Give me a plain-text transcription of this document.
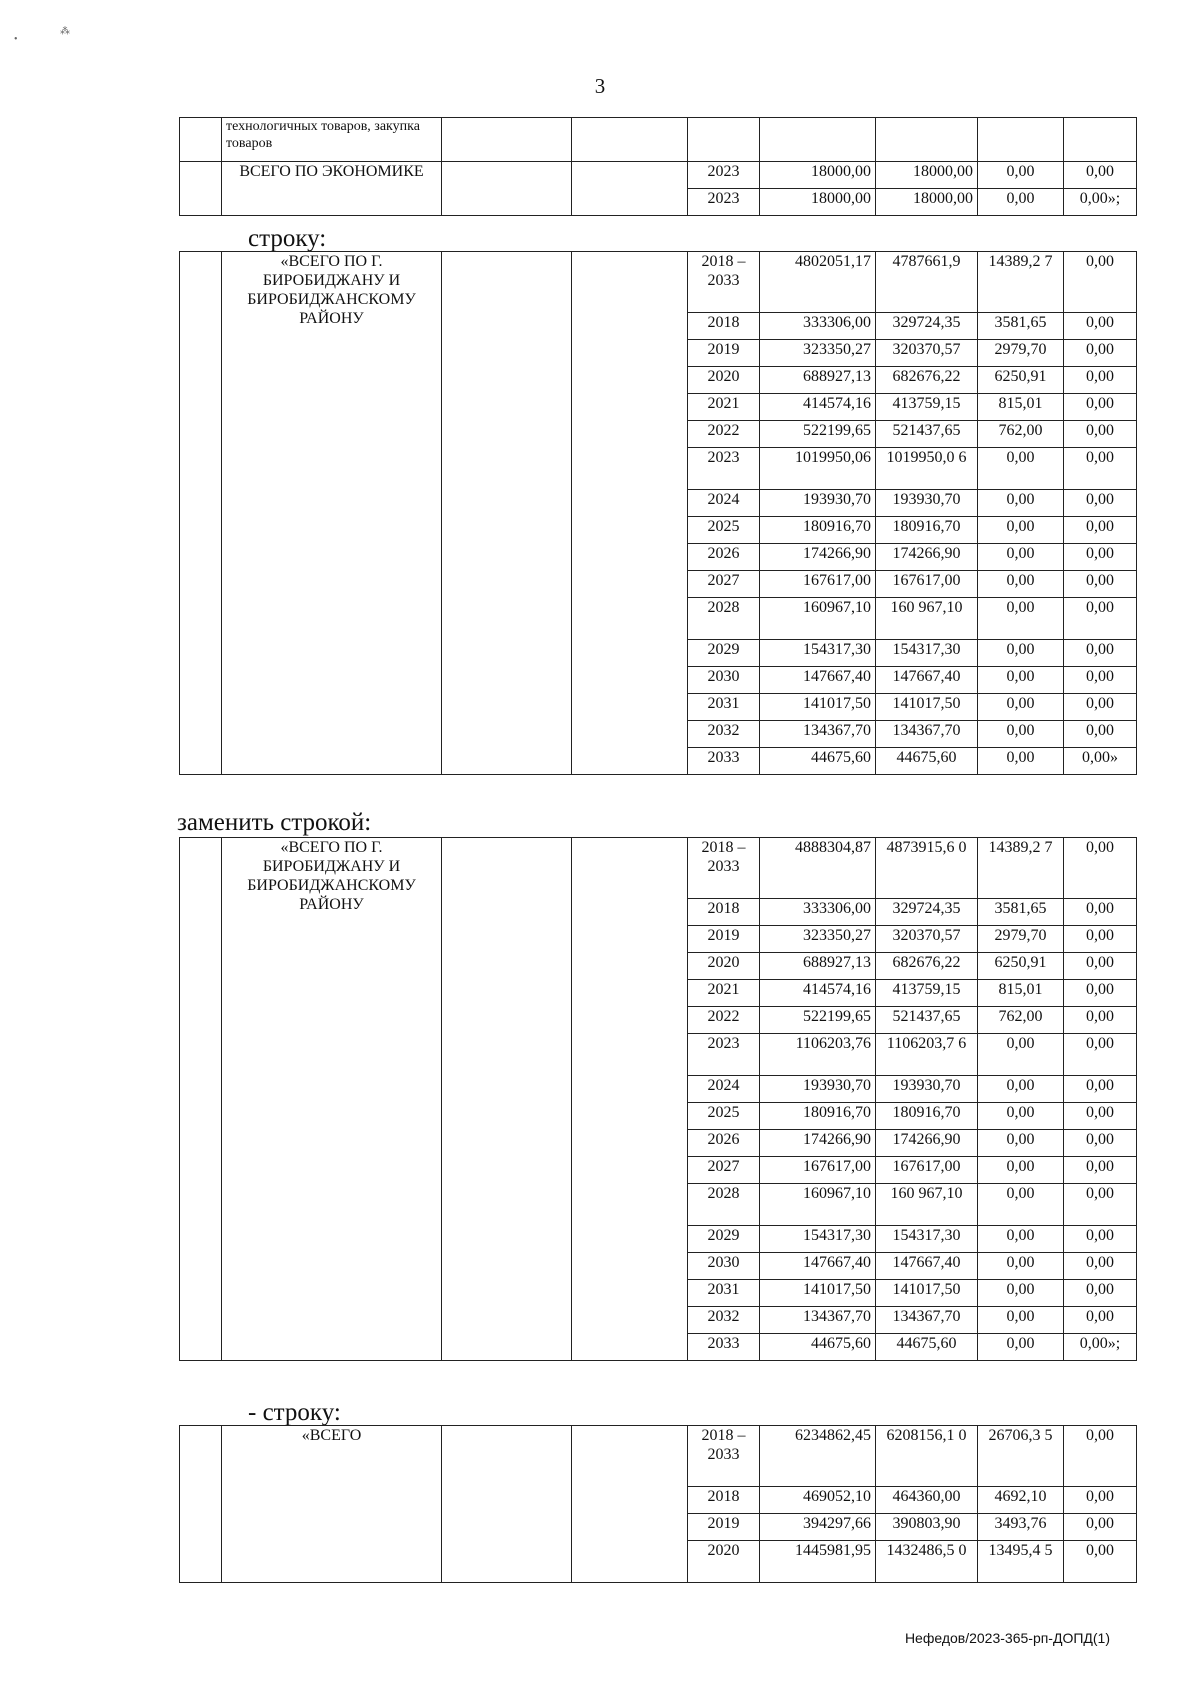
•
⁂
3
	технологичных товаров, закупка товаров							
	ВСЕГО ПО ЭКОНОМИКЕ			2023	18000,00	18000,00	0,00	0,00
				2023	18000,00	18000,00	0,00	0,00»;
строку:
	«ВСЕГО ПО Г. БИРОБИДЖАНУ И БИРОБИДЖАНСКОМУ РАЙОНУ			2018 – 2033	4802051,17	4787661,9	14389,2 7	0,00
				2018	333306,00	329724,35	3581,65	0,00
				2019	323350,27	320370,57	2979,70	0,00
				2020	688927,13	682676,22	6250,91	0,00
				2021	414574,16	413759,15	815,01	0,00
				2022	522199,65	521437,65	762,00	0,00
				2023	1019950,06	1019950,0 6	0,00	0,00
				2024	193930,70	193930,70	0,00	0,00
				2025	180916,70	180916,70	0,00	0,00
				2026	174266,90	174266,90	0,00	0,00
				2027	167617,00	167617,00	0,00	0,00
				2028	160967,10	160 967,10	0,00	0,00
				2029	154317,30	154317,30	0,00	0,00
				2030	147667,40	147667,40	0,00	0,00
				2031	141017,50	141017,50	0,00	0,00
				2032	134367,70	134367,70	0,00	0,00
				2033	44675,60	44675,60	0,00	0,00»
заменить строкой:
	«ВСЕГО ПО Г. БИРОБИДЖАНУ И БИРОБИДЖАНСКОМУ РАЙОНУ			2018 – 2033	4888304,87	4873915,6 0	14389,2 7	0,00
				2018	333306,00	329724,35	3581,65	0,00
				2019	323350,27	320370,57	2979,70	0,00
				2020	688927,13	682676,22	6250,91	0,00
				2021	414574,16	413759,15	815,01	0,00
				2022	522199,65	521437,65	762,00	0,00
				2023	1106203,76	1106203,7 6	0,00	0,00
				2024	193930,70	193930,70	0,00	0,00
				2025	180916,70	180916,70	0,00	0,00
				2026	174266,90	174266,90	0,00	0,00
				2027	167617,00	167617,00	0,00	0,00
				2028	160967,10	160 967,10	0,00	0,00
				2029	154317,30	154317,30	0,00	0,00
				2030	147667,40	147667,40	0,00	0,00
				2031	141017,50	141017,50	0,00	0,00
				2032	134367,70	134367,70	0,00	0,00
				2033	44675,60	44675,60	0,00	0,00»;
- строку:
	«ВСЕГО			2018 – 2033	6234862,45	6208156,1 0	26706,3 5	0,00
				2018	469052,10	464360,00	4692,10	0,00
				2019	394297,66	390803,90	3493,76	0,00
				2020	1445981,95	1432486,5 0	13495,4 5	0,00
Нефедов/2023-365-рп-ДОПД(1)
